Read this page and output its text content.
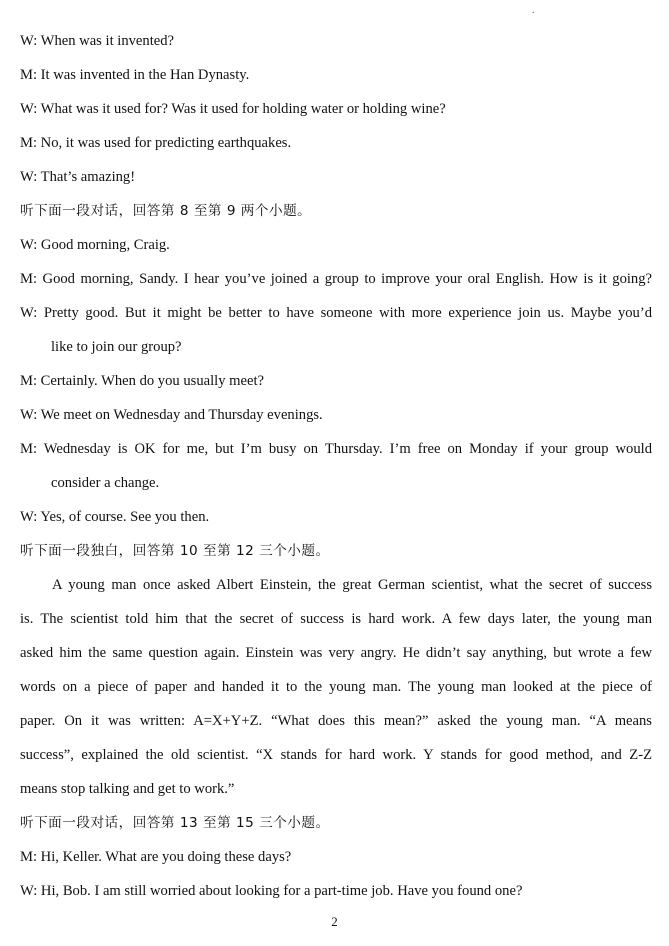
.
W: When was it invented?
M: It was invented in the Han Dynasty.
W: What was it used for? Was it used for holding water or holding wine?
M: No, it was used for predicting earthquakes.
W: That’s amazing!
听下面一段对话，回答第 8 至第 9 两个小题。
W: Good morning, Craig.
M: Good morning, Sandy. I hear you’ve joined a group to improve your oral English. How is it going?
W: Pretty good. But it might be better to have someone with more experience join us. Maybe you’d
like to join our group?
M: Certainly. When do you usually meet?
W: We meet on Wednesday and Thursday evenings.
M: Wednesday is OK for me, but I’m busy on Thursday. I’m free on Monday if your group would
consider a change.
W: Yes, of course. See you then.
听下面一段独白，回答第 10 至第 12 三个小题。
A young man once asked Albert Einstein, the great German scientist, what the secret of success
is. The scientist told him that the secret of success is hard work. A few days later, the young man
asked him the same question again. Einstein was very angry. He didn’t say anything, but wrote a few
words on a piece of paper and handed it to the young man. The young man looked at the piece of
paper. On it was written: A=X+Y+Z. “What does this mean?” asked the young man. “A means
success”, explained the old scientist. “X stands for hard work. Y stands for good method, and Z-Z
means stop talking and get to work.”
听下面一段对话，回答第 13 至第 15 三个小题。
M: Hi, Keller. What are you doing these days?
W: Hi, Bob. I am still worried about looking for a part-time job. Have you found one?
2
